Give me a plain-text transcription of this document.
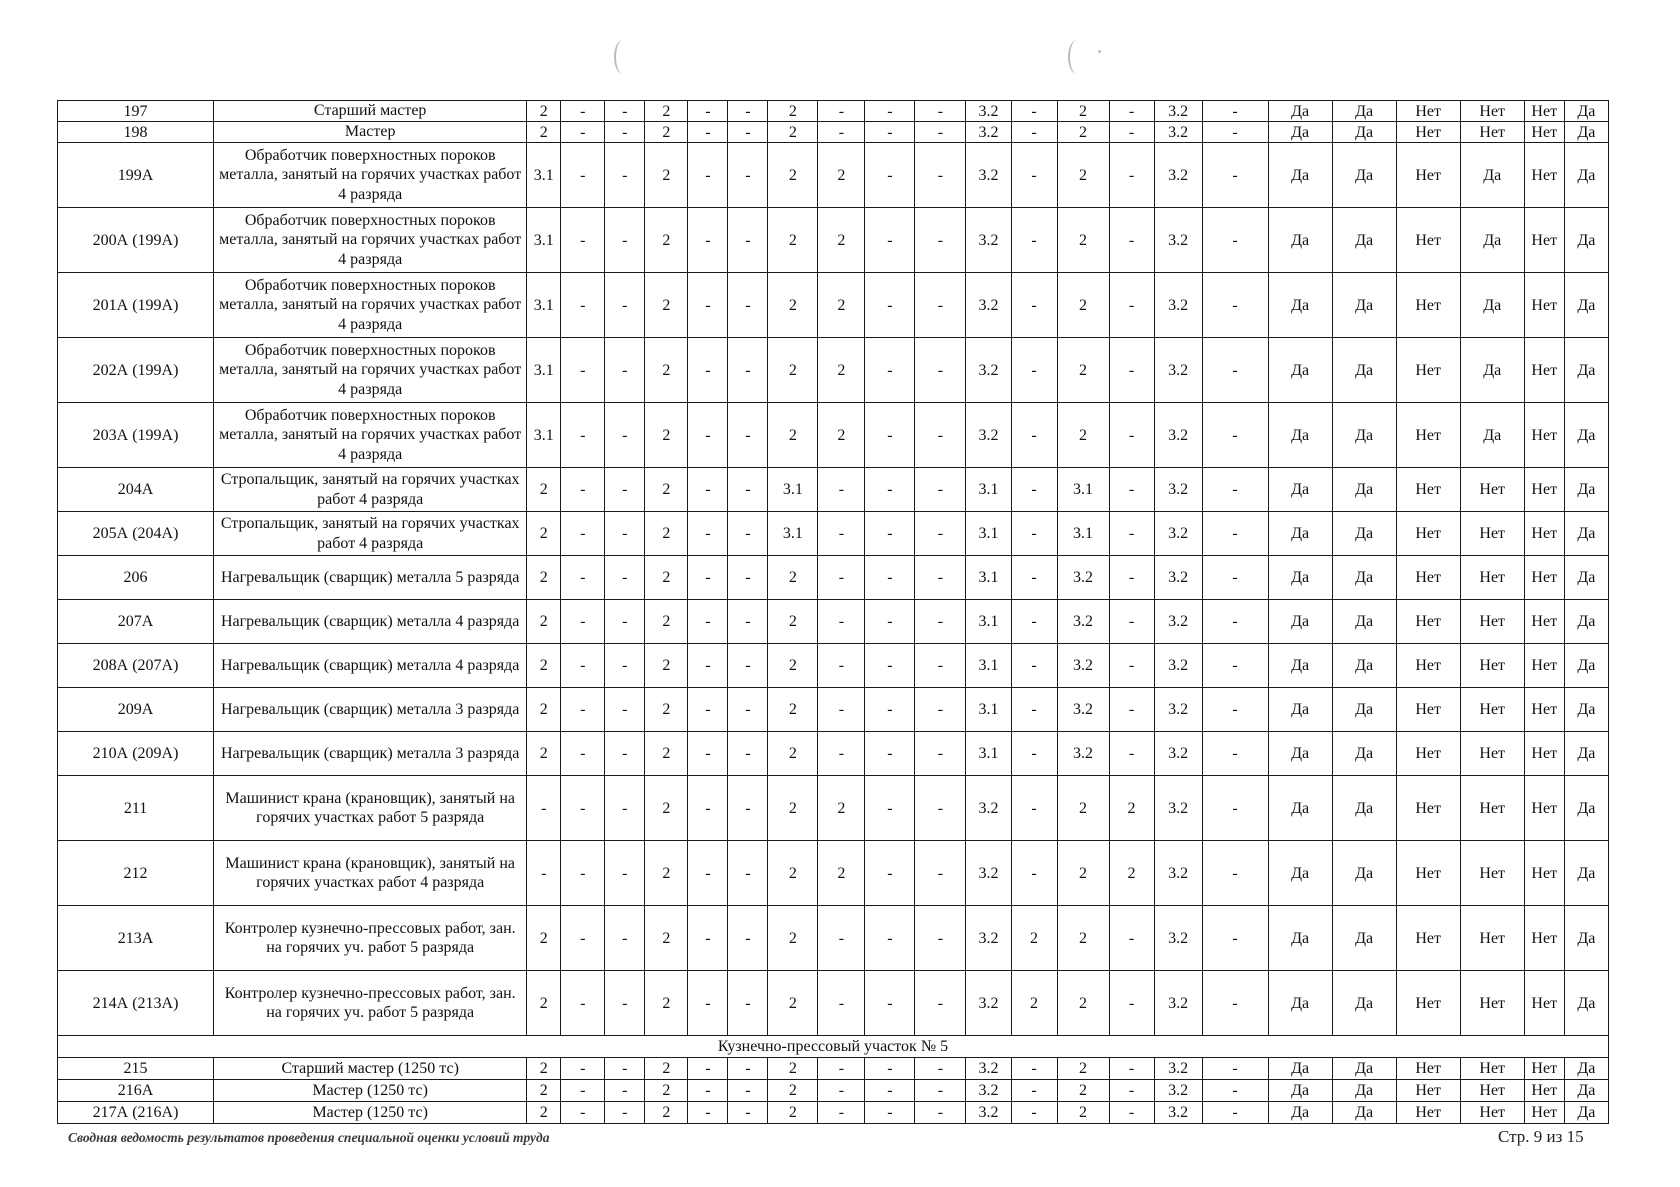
197	Старший мастер	2	-	-	2	-	-	2	-	-	-	3.2	-	2	-	3.2	-	Да	Да	Нет	Нет	Нет	Да
198	Мастер	2	-	-	2	-	-	2	-	-	-	3.2	-	2	-	3.2	-	Да	Да	Нет	Нет	Нет	Да
199А	Обработчик поверхностных пороков металла, занятый на горячих участках работ 4 разряда	3.1	-	-	2	-	-	2	2	-	-	3.2	-	2	-	3.2	-	Да	Да	Нет	Да	Нет	Да
200А (199А)	Обработчик поверхностных пороков металла, занятый на горячих участках работ 4 разряда	3.1	-	-	2	-	-	2	2	-	-	3.2	-	2	-	3.2	-	Да	Да	Нет	Да	Нет	Да
201А (199А)	Обработчик поверхностных пороков металла, занятый на горячих участках работ 4 разряда	3.1	-	-	2	-	-	2	2	-	-	3.2	-	2	-	3.2	-	Да	Да	Нет	Да	Нет	Да
202А (199А)	Обработчик поверхностных пороков металла, занятый на горячих участках работ 4 разряда	3.1	-	-	2	-	-	2	2	-	-	3.2	-	2	-	3.2	-	Да	Да	Нет	Да	Нет	Да
203А (199А)	Обработчик поверхностных пороков металла, занятый на горячих участках работ 4 разряда	3.1	-	-	2	-	-	2	2	-	-	3.2	-	2	-	3.2	-	Да	Да	Нет	Да	Нет	Да
204А	Стропальщик, занятый на горячих участках работ 4 разряда	2	-	-	2	-	-	3.1	-	-	-	3.1	-	3.1	-	3.2	-	Да	Да	Нет	Нет	Нет	Да
205А (204А)	Стропальщик, занятый на горячих участках работ 4 разряда	2	-	-	2	-	-	3.1	-	-	-	3.1	-	3.1	-	3.2	-	Да	Да	Нет	Нет	Нет	Да
206	Нагревальщик (сварщик) металла 5 разряда	2	-	-	2	-	-	2	-	-	-	3.1	-	3.2	-	3.2	-	Да	Да	Нет	Нет	Нет	Да
207А	Нагревальщик (сварщик) металла 4 разряда	2	-	-	2	-	-	2	-	-	-	3.1	-	3.2	-	3.2	-	Да	Да	Нет	Нет	Нет	Да
208А (207А)	Нагревальщик (сварщик) металла 4 разряда	2	-	-	2	-	-	2	-	-	-	3.1	-	3.2	-	3.2	-	Да	Да	Нет	Нет	Нет	Да
209А	Нагревальщик (сварщик) металла 3 разряда	2	-	-	2	-	-	2	-	-	-	3.1	-	3.2	-	3.2	-	Да	Да	Нет	Нет	Нет	Да
210А (209А)	Нагревальщик (сварщик) металла 3 разряда	2	-	-	2	-	-	2	-	-	-	3.1	-	3.2	-	3.2	-	Да	Да	Нет	Нет	Нет	Да
211	Машинист крана (крановщик), занятый на горячих участках работ 5 разряда	-	-	-	2	-	-	2	2	-	-	3.2	-	2	2	3.2	-	Да	Да	Нет	Нет	Нет	Да
212	Машинист крана (крановщик), занятый на горячих участках работ 4 разряда	-	-	-	2	-	-	2	2	-	-	3.2	-	2	2	3.2	-	Да	Да	Нет	Нет	Нет	Да
213А	Контролер кузнечно-прессовых работ, зан. на горячих уч. работ 5 разряда	2	-	-	2	-	-	2	-	-	-	3.2	2	2	-	3.2	-	Да	Да	Нет	Нет	Нет	Да
214А (213А)	Контролер кузнечно-прессовых работ, зан. на горячих уч. работ 5 разряда	2	-	-	2	-	-	2	-	-	-	3.2	2	2	-	3.2	-	Да	Да	Нет	Нет	Нет	Да
Кузнечно-прессовый участок № 5																							
215	Старший мастер (1250 тс)	2	-	-	2	-	-	2	-	-	-	3.2	-	2	-	3.2	-	Да	Да	Нет	Нет	Нет	Да
216А	Мастер (1250 тс)	2	-	-	2	-	-	2	-	-	-	3.2	-	2	-	3.2	-	Да	Да	Нет	Нет	Нет	Да
217А (216А)	Мастер (1250 тс)	2	-	-	2	-	-	2	-	-	-	3.2	-	2	-	3.2	-	Да	Да	Нет	Нет	Нет	Да
Сводная ведомость результатов проведения специальной оценки условий труда	Стр. 9 из 15
